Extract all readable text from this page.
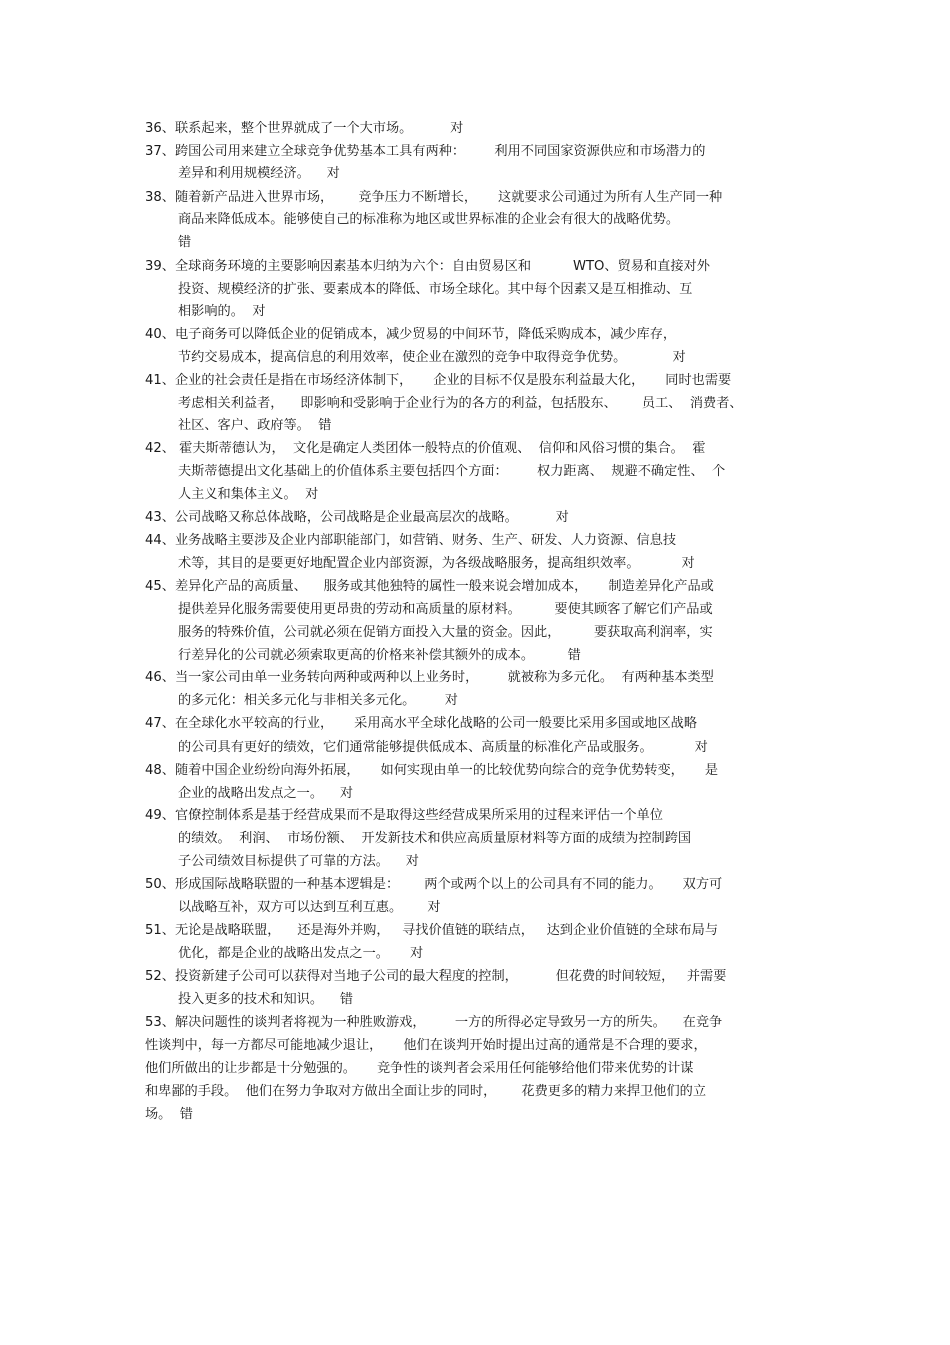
36、联系起来，整个世界就成了一个大市场。         对
37、跨国公司用来建立全球竞争优势基本工具有两种：       利用不同国家资源供应和市场潜力的
差异和利用规模经济。    对
38、随着新产品进入世界市场，      竞争压力不断增长，     这就要求公司通过为所有人生产同一种
商品来降低成本。能够使自己的标准称为地区或世界标准的企业会有很大的战略优势。
错
39、全球商务环境的主要影响因素基本归纳为六个：自由贸易区和          WTO、贸易和直接对外
投资、规模经济的扩张、要素成本的降低、市场全球化。其中每个因素又是互相推动、互
相影响的。  对
40、电子商务可以降低企业的促销成本，减少贸易的中间环节，降低采购成本，减少库存，
节约交易成本，提高信息的利用效率，使企业在激烈的竞争中取得竞争优势。           对
41、企业的社会责任是指在市场经济体制下，     企业的目标不仅是股东利益最大化，     同时也需要
考虑相关利益者，    即影响和受影响于企业行为的各方的利益，包括股东、      员工、  消费者、
社区、客户、政府等。  错
42、 霍夫斯蒂德认为，  文化是确定人类团体一般特点的价值观、  信仰和风俗习惯的集合。  霍
夫斯蒂德提出文化基础上的价值体系主要包括四个方面：       权力距离、  规避不确定性、  个
人主义和集体主义。  对
43、公司战略又称总体战略，公司战略是企业最高层次的战略。         对
44、业务战略主要涉及企业内部职能部门，如营销、财务、生产、研发、人力资源、信息技
术等，其目的是要更好地配置企业内部资源，为各级战略服务，提高组织效率。          对
45、差异化产品的高质量、    服务或其他独特的属性一般来说会增加成本，     制造差异化产品或
提供差异化服务需要使用更昂贵的劳动和高质量的原材料。        要使其顾客了解它们产品或
服务的特殊价值，公司就必须在促销方面投入大量的资金。因此，        要获取高利润率，实
行差异化的公司就必须索取更高的价格来补偿其额外的成本。        错
46、当一家公司由单一业务转向两种或两种以上业务时，       就被称为多元化。  有两种基本类型
的多元化：相关多元化与非相关多元化。       对
47、在全球化水平较高的行业，     采用高水平全球化战略的公司一般要比采用多国或地区战略
的公司具有更好的绩效，它们通常能够提供低成本、高质量的标准化产品或服务。          对
48、随着中国企业纷纷向海外拓展，     如何实现由单一的比较优势向综合的竞争优势转变，     是
企业的战略出发点之一。    对
49、官僚控制体系是基于经营成果而不是取得这些经营成果所采用的过程来评估一个单位
的绩效。  利润、  市场份额、  开发新技术和供应高质量原材料等方面的成绩为控制跨国
子公司绩效目标提供了可靠的方法。    对
50、形成国际战略联盟的一种基本逻辑是：      两个或两个以上的公司具有不同的能力。     双方可
以战略互补，双方可以达到互利互惠。      对
51、无论是战略联盟，    还是海外并购，   寻找价值链的联结点，   达到企业价值链的全球布局与
优化，都是企业的战略出发点之一。     对
52、投资新建子公司可以获得对当地子公司的最大程度的控制，         但花费的时间较短，   并需要
投入更多的技术和知识。    错
53、解决问题性的谈判者将视为一种胜败游戏，       一方的所得必定导致另一方的所失。    在竞争
性谈判中，每一方都尽可能地减少退让，     他们在谈判开始时提出过高的通常是不合理的要求，
他们所做出的让步都是十分勉强的。     竞争性的谈判者会采用任何能够给他们带来优势的计谋
和卑鄙的手段。  他们在努力争取对方做出全面让步的同时，      花费更多的精力来捍卫他们的立
场。  错
